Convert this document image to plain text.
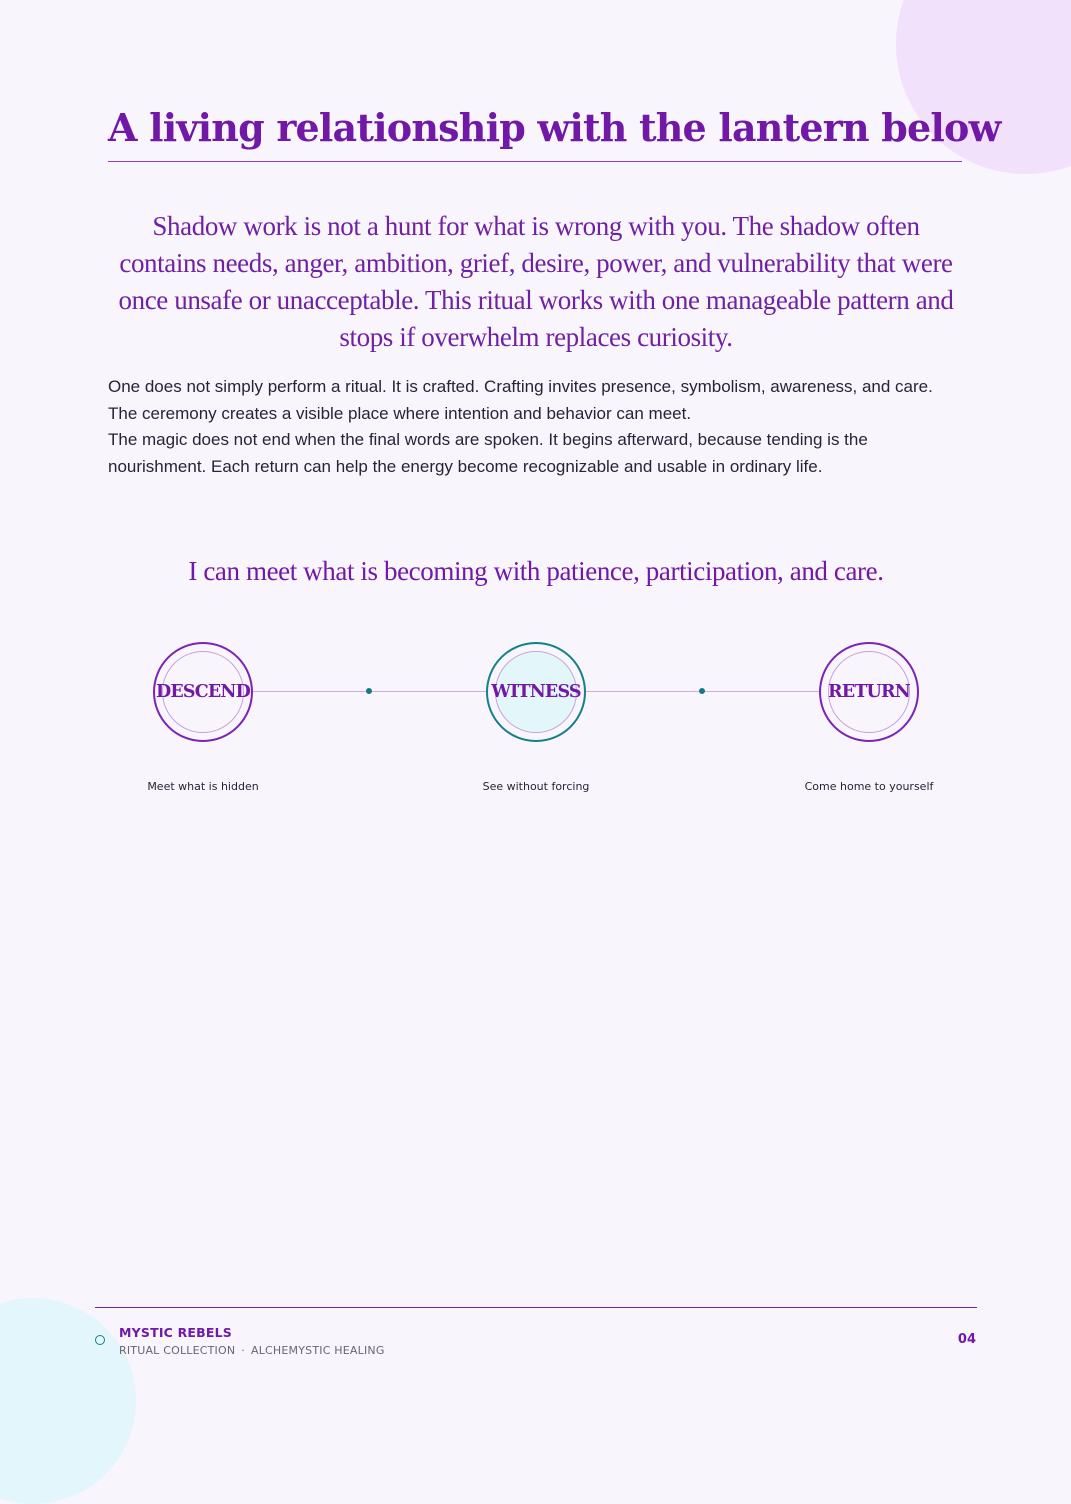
A living relationship with the lantern below

Shadow work is not a hunt for what is wrong with you. The shadow often contains needs, anger, ambition, grief, desire, power, and vulnerability that were once unsafe or unacceptable. This ritual works with one manageable pattern and stops if overwhelm replaces curiosity.

One does not simply perform a ritual. It is crafted. Crafting invites presence, symbolism, awareness, and care. The ceremony creates a visible place where intention and behavior can meet.

The magic does not end when the final words are spoken. It begins afterward, because tending is the nourishment. Each return can help the energy become recognizable and usable in ordinary life.

I can meet what is becoming with patience, participation, and care.

DESCEND	WITNESS	RETURN
Meet what is hidden	See without forcing	Come home to yourself
MYSTIC REBELS
RITUAL COLLECTION · ALCHEMYSTIC HEALING
04
